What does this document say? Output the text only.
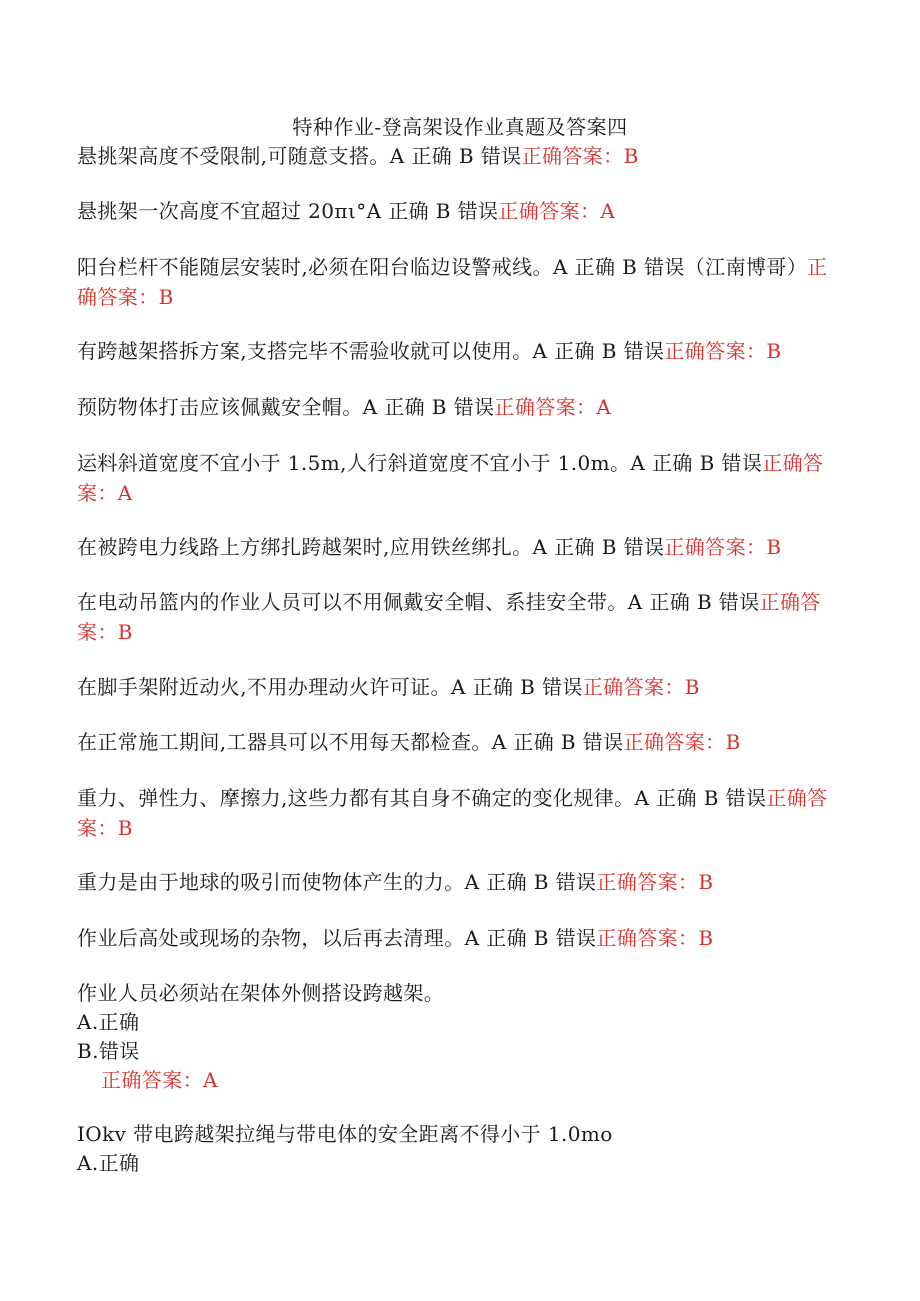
特种作业-登高架设作业真题及答案四

悬挑架高度不受限制,可随意支搭。A 正确 B 错误正确答案：B

悬挑架一次高度不宜超过 20πι°A 正确 B 错误正确答案：A

阳台栏杆不能随层安装时,必须在阳台临边设警戒线。A 正确 B 错误（江南博哥）正确答案：B

有跨越架搭拆方案,支搭完毕不需验收就可以使用。A 正确 B 错误正确答案：B

预防物体打击应该佩戴安全帽。A 正确 B 错误正确答案：A

运料斜道宽度不宜小于 1.5m,人行斜道宽度不宜小于 1.0m。A 正确 B 错误正确答案：A

在被跨电力线路上方绑扎跨越架时,应用铁丝绑扎。A 正确 B 错误正确答案：B

在电动吊篮内的作业人员可以不用佩戴安全帽、系挂安全带。A 正确 B 错误正确答案：B

在脚手架附近动火,不用办理动火许可证。A 正确 B 错误正确答案：B

在正常施工期间,工器具可以不用每天都检查。A 正确 B 错误正确答案：B

重力、弹性力、摩擦力,这些力都有其自身不确定的变化规律。A 正确 B 错误正确答案：B

重力是由于地球的吸引而使物体产生的力。A 正确 B 错误正确答案：B

作业后高处或现场的杂物，以后再去清理。A 正确 B 错误正确答案：B

作业人员必须站在架体外侧搭设跨越架。
A.正确
B.错误
正确答案：A
IOkv 带电跨越架拉绳与带电体的安全距离不得小于 1.0mo
A.正确
